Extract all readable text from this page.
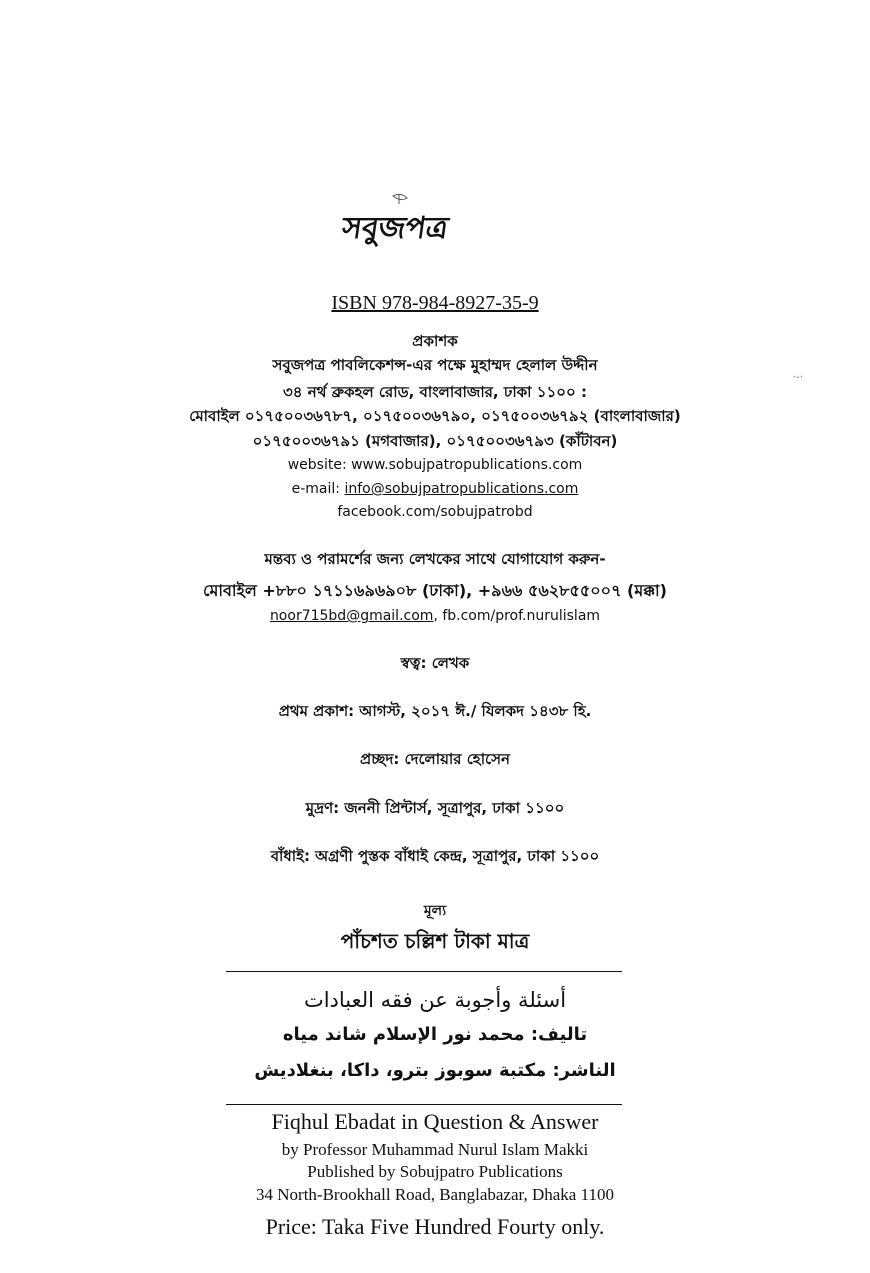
সবুজপত্র
ISBN 978-984-8927-35-9
প্রকাশক
সবুজপত্র পাবলিকেশন্স-এর পক্ষে মুহাম্মদ হেলাল উদ্দীন
৩৪ নর্থ ব্রুকহল রোড, বাংলাবাজার, ঢাকা ১১০০ :
মোবাইল ০১৭৫০০৩৬৭৮৭, ০১৭৫০০৩৬৭৯০, ০১৭৫০০৩৬৭৯২ (বাংলাবাজার)
০১৭৫০০৩৬৭৯১ (মগবাজার), ০১৭৫০০৩৬৭৯৩ (কাঁটাবন)
website: www.sobujpatropublications.com
e-mail: info@sobujpatropublications.com
facebook.com/sobujpatrobd
মন্তব্য ও পরামর্শের জন্য লেখকের সাথে যোগাযোগ করুন-
মোবাইল +৮৮০ ১৭১১৬৯৬৯০৮ (ঢাকা), +৯৬৬ ৫৬২৮৫৫০০৭ (মক্কা)
noor715bd@gmail.com, fb.com/prof.nurulislam
স্বত্ব: লেখক
প্রথম প্রকাশ: আগস্ট, ২০১৭ ঈ./ যিলকদ ১৪৩৮ হি.
প্রচ্ছদ: দেলোয়ার হোসেন
মুদ্রণ: জননী প্রিন্টার্স, সূত্রাপুর, ঢাকা ১১০০
বাঁধাই: অগ্রণী পুস্তক বাঁধাই কেন্দ্র, সূত্রাপুর, ঢাকা ১১০০
মূল্য
পাঁচশত চল্লিশ টাকা মাত্র
أسئلة وأجوبة عن فقه العبادات
تاليف: محمد نور الإسلام شاند مياه
الناشر: مكتبة سوبوز بترو، داكا، بنغلاديش
Fiqhul Ebadat in Question & Answer
by Professor Muhammad Nurul Islam Makki
Published by Sobujpatro Publications
34 North-Brookhall Road, Banglabazar, Dhaka 1100
Price: Taka Five Hundred Fourty only.
·-·
